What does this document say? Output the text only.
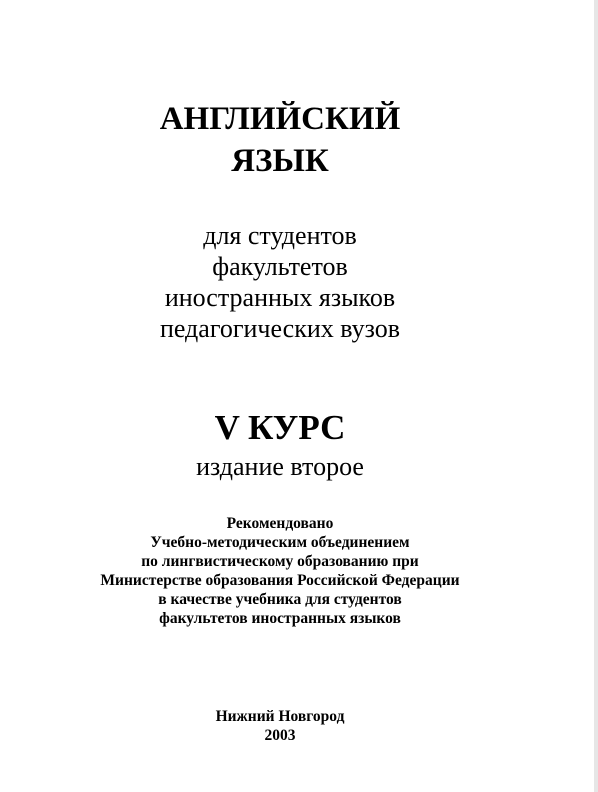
АНГЛИЙСКИЙ
ЯЗЫК
для студентов
факультетов
иностранных языков
педагогических вузов
V КУРС
издание второе
Рекомендовано
Учебно-методическим объединением
по лингвистическому образованию при
Министерстве образования Российской Федерации
в качестве учебника для студентов
факультетов иностранных языков
Нижний Новгород
2003
